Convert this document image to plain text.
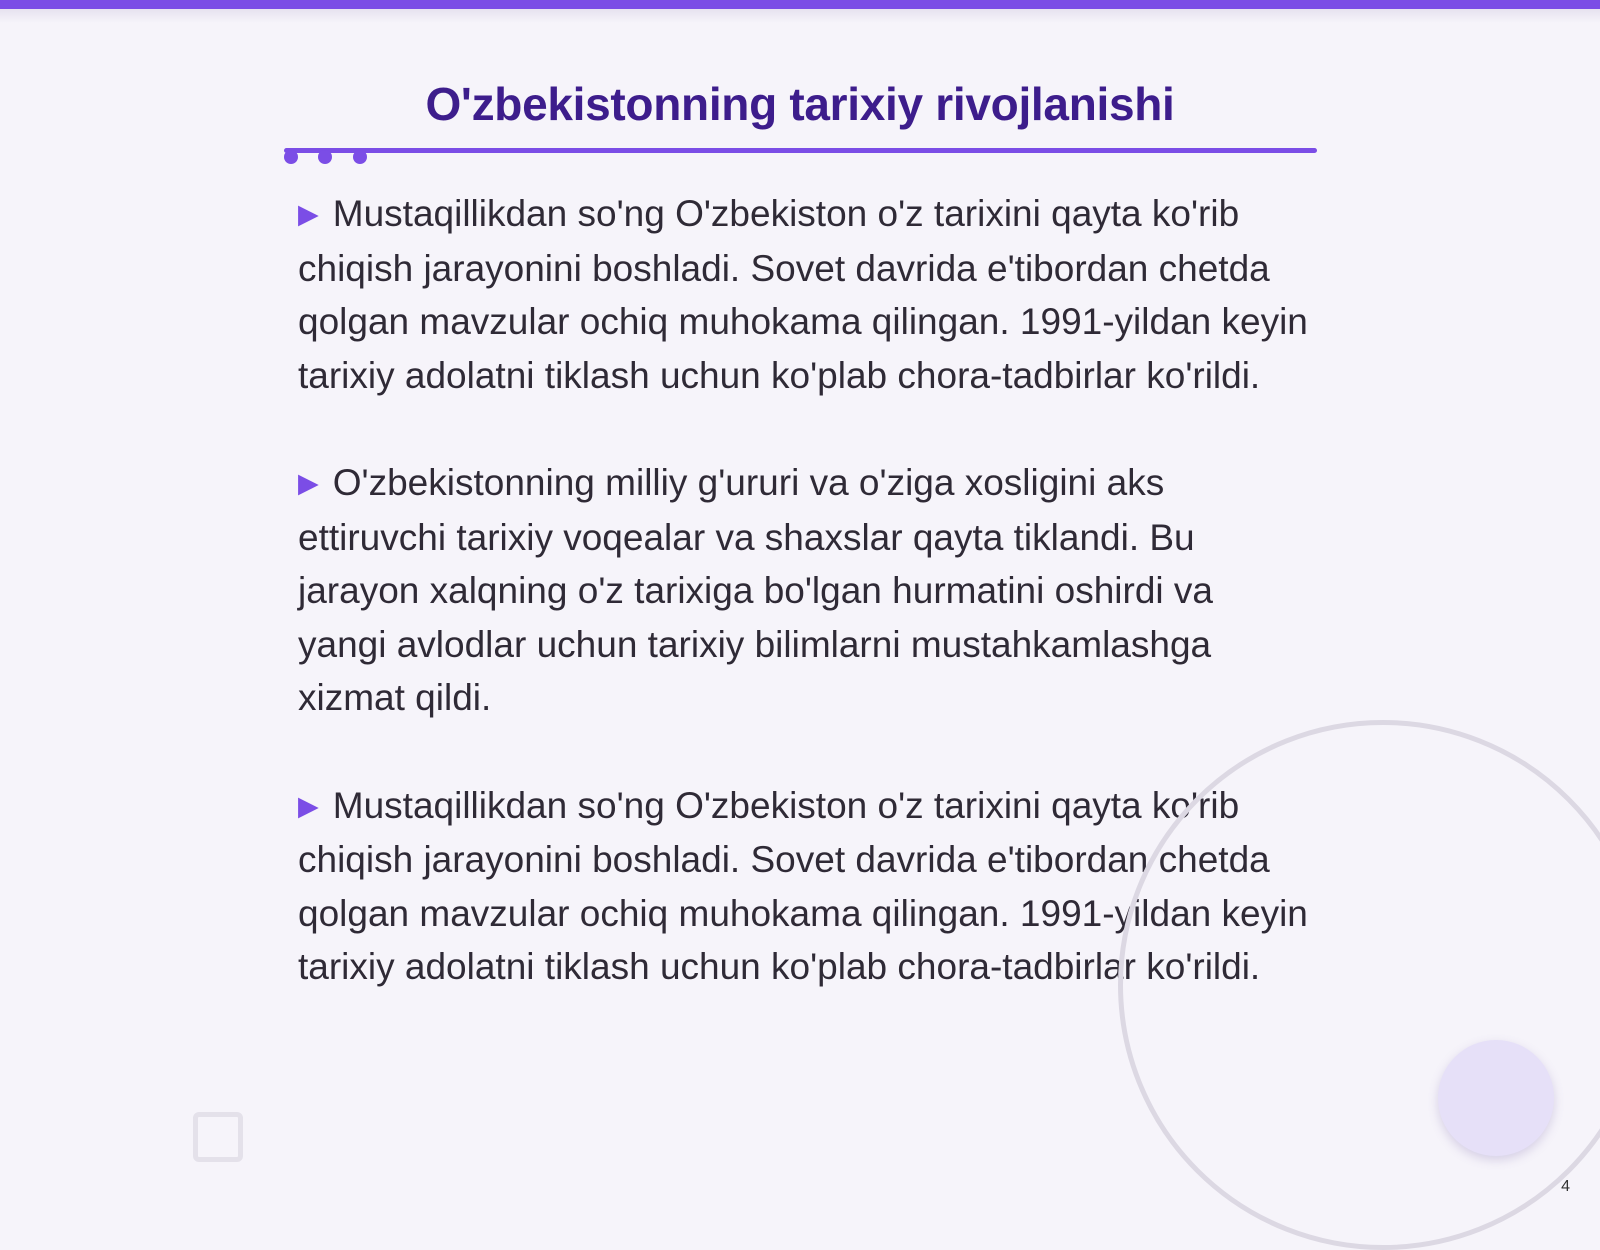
O'zbekistonning tarixiy rivojlanishi

▶ Mustaqillikdan so'ng O'zbekiston o'z tarixini qayta ko'rib chiqish jarayonini boshladi. Sovet davrida e'tibordan chetda qolgan mavzular ochiq muhokama qilingan. 1991-yildan keyin tarixiy adolatni tiklash uchun ko'plab chora-tadbirlar ko'rildi.

▶ O'zbekistonning milliy g'ururi va o'ziga xosligini aks ettiruvchi tarixiy voqealar va shaxslar qayta tiklandi. Bu jarayon xalqning o'z tarixiga bo'lgan hurmatini oshirdi va yangi avlodlar uchun tarixiy bilimlarni mustahkamlashga xizmat qildi.

▶ Mustaqillikdan so'ng O'zbekiston o'z tarixini qayta ko'rib chiqish jarayonini boshladi. Sovet davrida e'tibordan chetda qolgan mavzular ochiq muhokama qilingan. 1991-yildan keyin tarixiy adolatni tiklash uchun ko'plab chora-tadbirlar ko'rildi.

4
